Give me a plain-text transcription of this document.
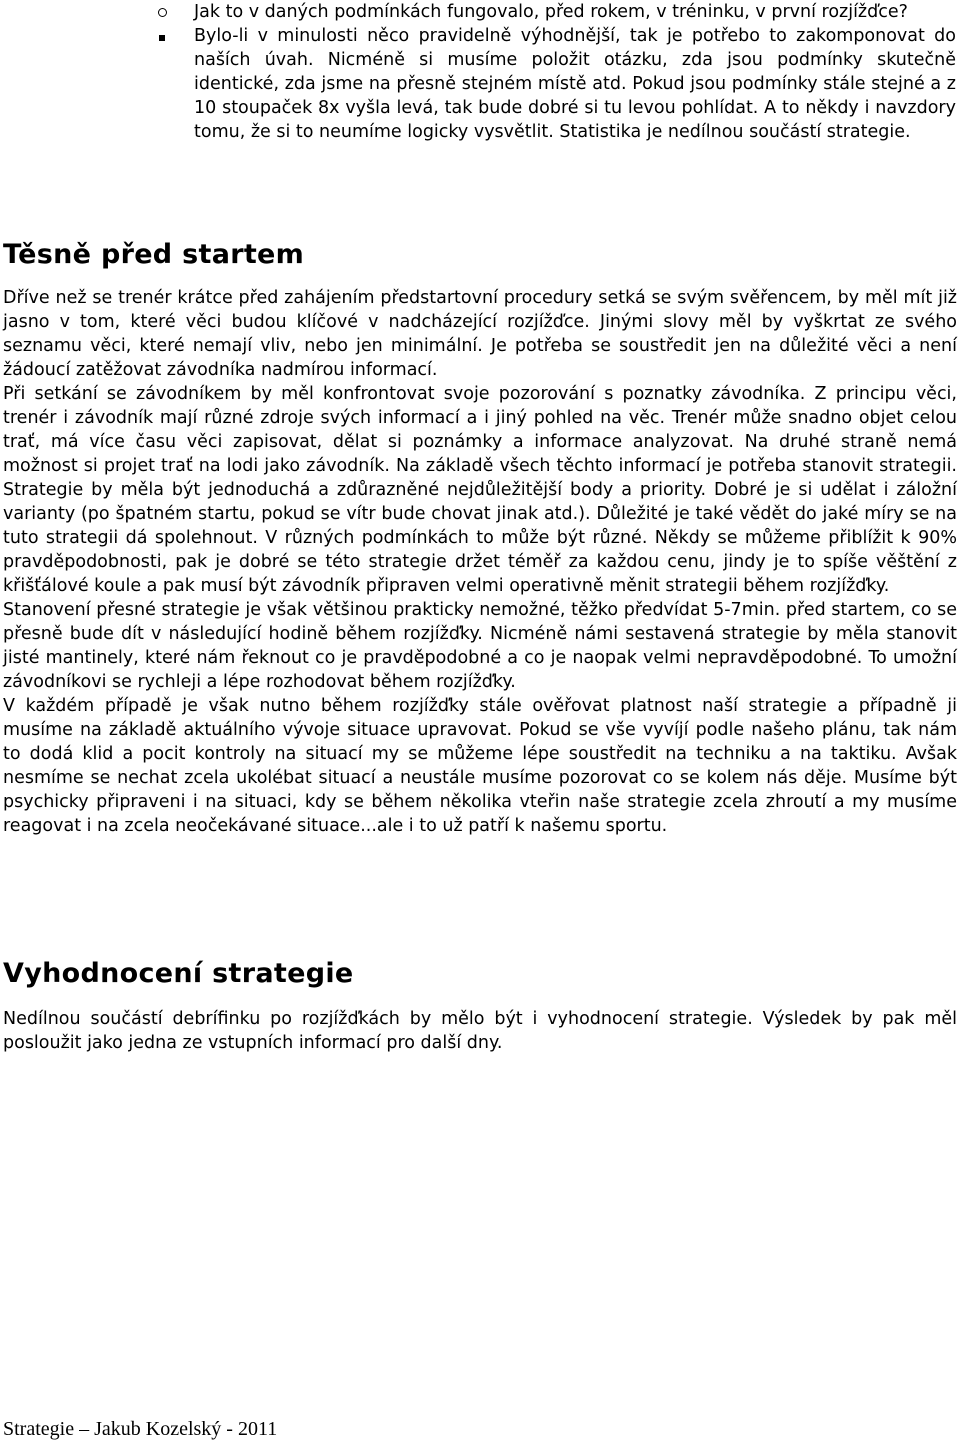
Jak to v daných podmínkách fungovalo, před rokem, v tréninku, v první rozjížďce?
Bylo-li v minulosti něco pravidelně výhodnější, tak je potřebo to zakomponovat do naších úvah. Nicméně si musíme položit otázku, zda jsou podmínky skutečně identické, zda jsme na přesně stejném místě atd. Pokud jsou podmínky stále stejné a z 10 stoupaček 8x vyšla levá, tak bude dobré si tu levou pohlídat. A to někdy i navzdory tomu, že si to neumíme logicky vysvětlit. Statistika je nedílnou součástí strategie.
Těsně před startem

Dříve než se trenér krátce před zahájením předstartovní procedury setká se svým svěřencem, by měl mít již jasno v tom, které věci budou klíčové v nadcházející rozjížďce. Jinými slovy měl by vyškrtat ze svého seznamu věci, které nemají vliv, nebo jen minimální. Je potřeba se soustředit jen na důležité věci a není žádoucí zatěžovat závodníka nadmírou informací.

Při setkání se závodníkem by měl konfrontovat svoje pozorování s poznatky závodníka. Z principu věci, trenér i závodník mají různé zdroje svých informací a i jiný pohled na věc. Trenér může snadno objet celou trať, má více času věci zapisovat, dělat si poznámky a informace analyzovat. Na druhé straně nemá možnost si projet trať na lodi jako závodník. Na základě všech těchto informací je potřeba stanovit strategii. Strategie by měla být jednoduchá a zdůrazněné nejdůležitější body a priority. Dobré je si udělat i záložní varianty (po špatném startu, pokud se vítr bude chovat jinak atd.). Důležité je také vědět do jaké míry se na tuto strategii dá spolehnout. V různých podmínkách to může být různé. Někdy se můžeme přiblížit k 90% pravděpodobnosti, pak je dobré se této strategie držet téměř za každou cenu, jindy je to spíše věštění z křišťálové koule a pak musí být závodník připraven velmi operativně měnit strategii během rozjížďky.

Stanovení přesné strategie je však většinou prakticky nemožné, těžko předvídat 5-7min. před startem, co se přesně bude dít v následující hodině během rozjížďky. Nicméně námi sestavená strategie by měla stanovit jisté mantinely, které nám řeknout co je pravděpodobné a co je naopak velmi nepravděpodobné. To umožní závodníkovi se rychleji a lépe rozhodovat během rozjížďky.

V každém případě je však nutno během rozjížďky stále ověřovat platnost naší strategie a případně ji musíme na základě aktuálního vývoje situace upravovat. Pokud se vše vyvíjí podle našeho plánu, tak nám to dodá klid a pocit kontroly na situací my se můžeme lépe soustředit na techniku a na taktiku. Avšak nesmíme se nechat zcela ukolébat situací a neustále musíme pozorovat co se kolem nás děje. Musíme být psychicky připraveni i na situaci, kdy se během několika vteřin naše strategie zcela zhroutí a my musíme reagovat i na zcela neočekávané situace...ale i to už patří k našemu sportu.

Vyhodnocení strategie

Nedílnou součástí debrífinku po rozjížďkách by mělo být i vyhodnocení strategie. Výsledek by pak měl posloužit jako jedna ze vstupních informací pro další dny.

Strategie – Jakub Kozelský - 2011
